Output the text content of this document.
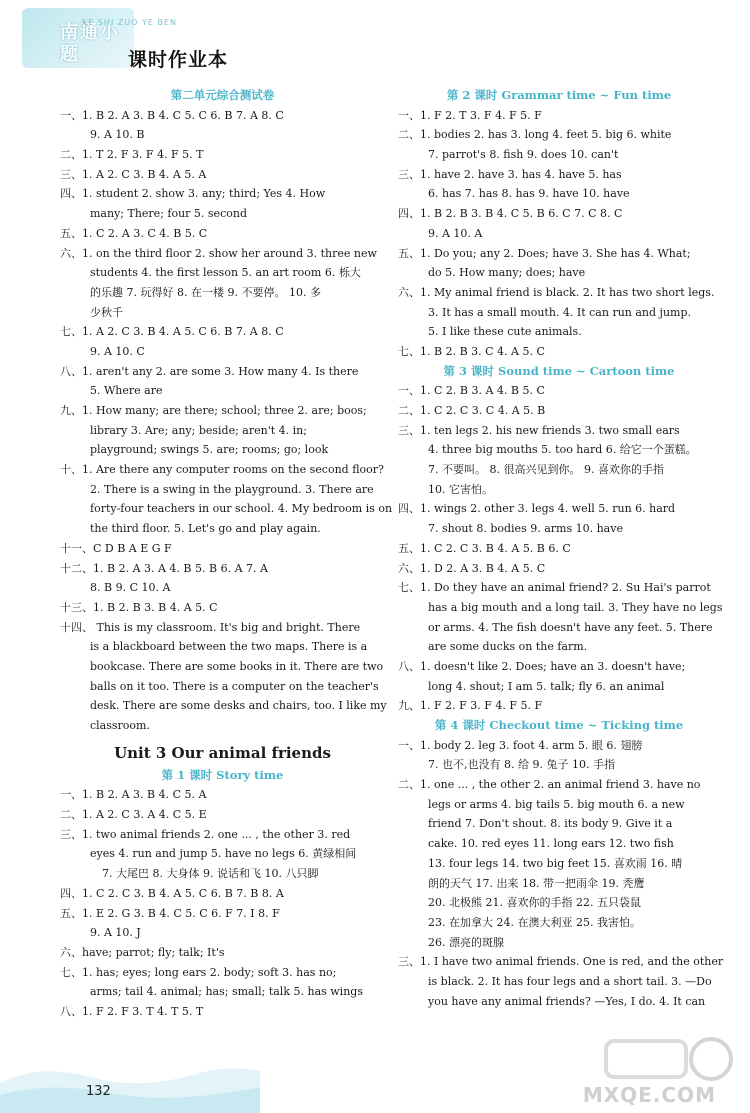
南通小题
KE SHI ZUO YE BEN
课时作业本
第二单元综合测试卷
一、1. B 2. A 3. B 4. C 5. C 6. B 7. A 8. C
9. A 10. B
二、1. T 2. F 3. F 4. F 5. T
三、1. A 2. C 3. B 4. A 5. A
四、1. student 2. show 3. any; third; Yes 4. How
many; There; four 5. second
五、1. C 2. A 3. C 4. B 5. C
六、1. on the third floor 2. show her around 3. three new
students 4. the first lesson 5. an art room 6. 栎大
的乐趣 7. 玩得好 8. 在一楼 9. 不要停。 10. 多
少秋千
七、1. A 2. C 3. B 4. A 5. C 6. B 7. A 8. C
9. A 10. C
八、1. aren't any 2. are some 3. How many 4. Is there
5. Where are
九、1. How many; are there; school; three 2. are; boos;
library 3. Are; any; beside; aren't 4. in;
playground; swings 5. are; rooms; go; look
十、1. Are there any computer rooms on the second floor?
2. There is a swing in the playground. 3. There are
forty-four teachers in our school. 4. My bedroom is on
the third floor. 5. Let's go and play again.
十一、C D B A E G F
十二、1. B 2. A 3. A 4. B 5. B 6. A 7. A
8. B 9. C 10. A
十三、1. B 2. B 3. B 4. A 5. C
十四、 This is my classroom. It's big and bright. There
is a blackboard between the two maps. There is a
bookcase. There are some books in it. There are two
balls on it too. There is a computer on the teacher's
desk. There are some desks and chairs, too. I like my
classroom.
Unit 3 Our animal friends
第 1 课时 Story time
一、1. B 2. A 3. B 4. C 5. A
二、1. A 2. C 3. A 4. C 5. E
三、1. two animal friends 2. one ... , the other 3. red
eyes 4. run and jump 5. have no legs 6. 黄绿相间
7. 大尾巴 8. 大身体 9. 说话和飞 10. 八只脚
四、1. C 2. C 3. B 4. A 5. C 6. B 7. B 8. A
五、1. E 2. G 3. B 4. C 5. C 6. F 7. I 8. F
9. A 10. J
六、have; parrot; fly; talk; It's
七、1. has; eyes; long ears 2. body; soft 3. has no;
arms; tail 4. animal; has; small; talk 5. has wings
八、1. F 2. F 3. T 4. T 5. T
第 2 课时 Grammar time ~ Fun time
一、1. F 2. T 3. F 4. F 5. F
二、1. bodies 2. has 3. long 4. feet 5. big 6. white
7. parrot's 8. fish 9. does 10. can't
三、1. have 2. have 3. has 4. have 5. has
6. has 7. has 8. has 9. have 10. have
四、1. B 2. B 3. B 4. C 5. B 6. C 7. C 8. C
9. A 10. A
五、1. Do you; any 2. Does; have 3. She has 4. What;
do 5. How many; does; have
六、1. My animal friend is black. 2. It has two short legs.
3. It has a small mouth. 4. It can run and jump.
5. I like these cute animals.
七、1. B 2. B 3. C 4. A 5. C
第 3 课时 Sound time ~ Cartoon time
一、1. C 2. B 3. A 4. B 5. C
二、1. C 2. C 3. C 4. A 5. B
三、1. ten legs 2. his new friends 3. two small ears
4. three big mouths 5. too hard 6. 给它一个蛋糕。
7. 不要叫。 8. 很高兴见到你。 9. 喜欢你的手指
10. 它害怕。
四、1. wings 2. other 3. legs 4. well 5. run 6. hard
7. shout 8. bodies 9. arms 10. have
五、1. C 2. C 3. B 4. A 5. B 6. C
六、1. D 2. A 3. B 4. A 5. C
七、1. Do they have an animal friend? 2. Su Hai's parrot
has a big mouth and a long tail. 3. They have no legs
or arms. 4. The fish doesn't have any feet. 5. There
are some ducks on the farm.
八、1. doesn't like 2. Does; have an 3. doesn't have;
long 4. shout; I am 5. talk; fly 6. an animal
九、1. F 2. F 3. F 4. F 5. F
第 4 课时 Checkout time ~ Ticking time
一、1. body 2. leg 3. foot 4. arm 5. 眼 6. 翅膀
7. 也不,也没有 8. 给 9. 兔子 10. 手指
二、1. one ... , the other 2. an animal friend 3. have no
legs or arms 4. big tails 5. big mouth 6. a new
friend 7. Don't shout. 8. its body 9. Give it a
cake. 10. red eyes 11. long ears 12. two fish
13. four legs 14. two big feet 15. 喜欢雨 16. 晴
朗的天气 17. 出来 18. 带一把雨伞 19. 秃鹰
20. 北极熊 21. 喜欢你的手指 22. 五只袋鼠
23. 在加拿大 24. 在澳大利亚 25. 我害怕。
26. 漂亮的斑腺
三、1. I have two animal friends. One is red, and the other
is black. 2. It has four legs and a short tail. 3. —Do
you have any animal friends? —Yes, I do. 4. It can
132	MXQE.COM
